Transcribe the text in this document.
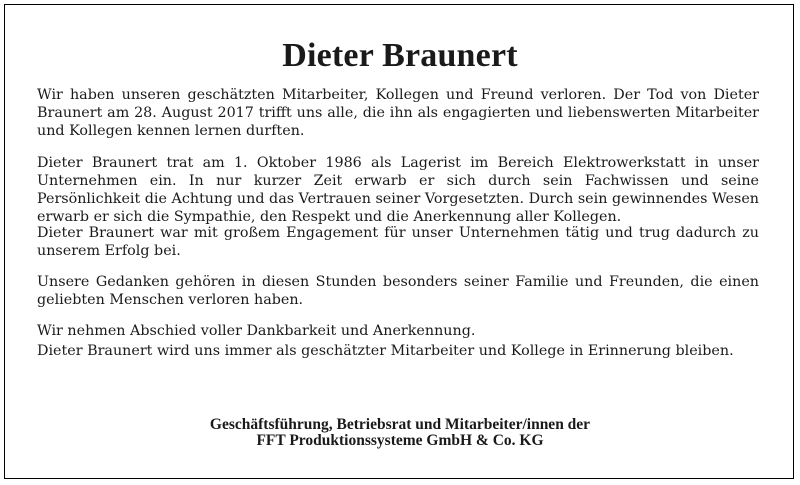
Dieter Braunert
Wir haben unseren geschätzten Mitarbeiter, Kollegen und Freund verloren. Der Tod von Dieter Braunert am 28. August 2017 trifft uns alle, die ihn als engagierten und liebenswerten Mitarbeiter und Kollegen kennen lernen durften.
Dieter Braunert trat am 1. Oktober 1986 als Lagerist im Bereich Elektrowerkstatt in unser Unternehmen ein. In nur kurzer Zeit erwarb er sich durch sein Fachwissen und seine Persönlichkeit die Achtung und das Vertrauen seiner Vorgesetzten. Durch sein gewinnendes Wesen erwarb er sich die Sympathie, den Respekt und die Anerkennung aller Kollegen.
Dieter Braunert war mit großem Engagement für unser Unternehmen tätig und trug dadurch zu unserem Erfolg bei.
Unsere Gedanken gehören in diesen Stunden besonders seiner Familie und Freunden, die einen geliebten Menschen verloren haben.
Wir nehmen Abschied voller Dankbarkeit und Anerkennung.
Dieter Braunert wird uns immer als geschätzter Mitarbeiter und Kollege in Erinnerung bleiben.
Geschäftsführung, Betriebsrat und Mitarbeiter/innen der
FFT Produktionssysteme GmbH & Co. KG
